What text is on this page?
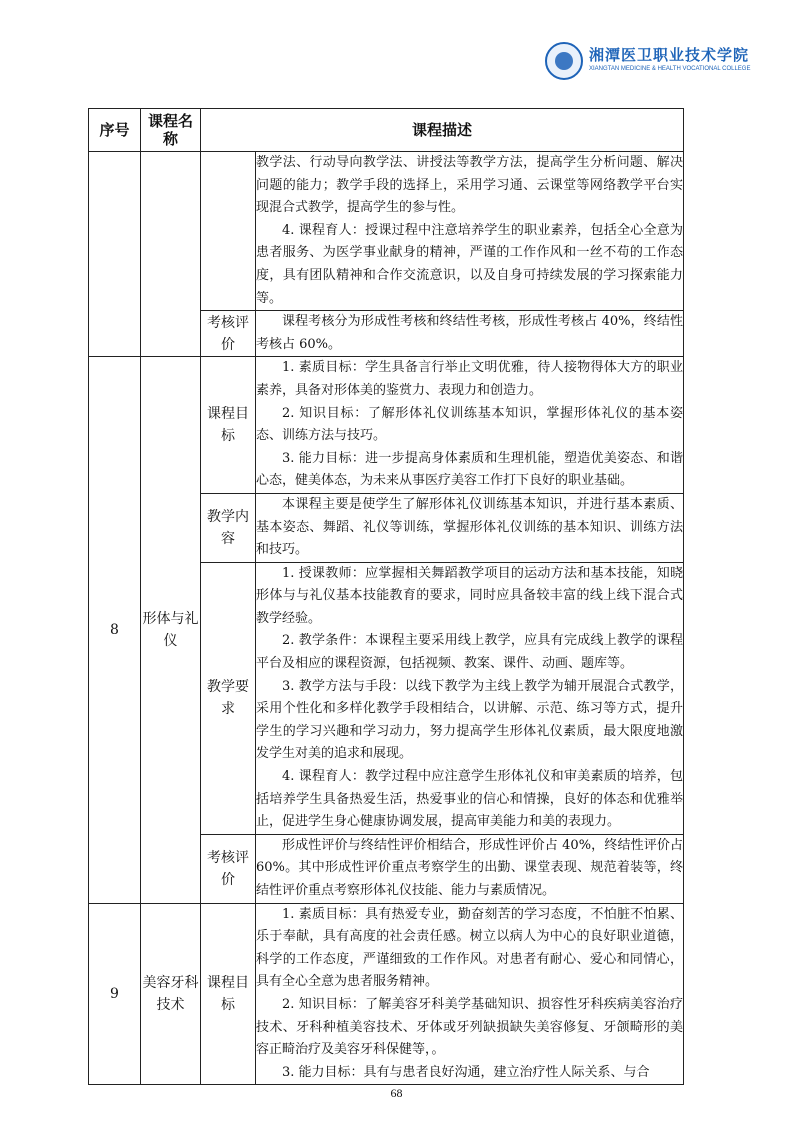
湘潭医卫职业技术学院
XIANGTAN MEDICINE & HEALTH VOCATIONAL COLLEGE
序号	课程名称	课程描述	

			教学法、行动导向教学法、讲授法等教学方法，提高学生分析问题、解决问题的能力；教学手段的选择上，采用学习通、云课堂等网络教学平台实现混合式教学，提高学生的参与性。

4. 课程育人：授课过程中注意培养学生的职业素养，包括全心全意为患者服务、为医学事业献身的精神，严谨的工作作风和一丝不苟的工作态度，具有团队精神和合作交流意识，以及自身可持续发展的学习探索能力等。

		考核评价	课程考核分为形成性考核和终结性考核，形成性考核占 40%，终结性考核占 60%。

8	形体与礼仪	课程目标	1. 素质目标：学生具备言行举止文明优雅，待人接物得体大方的职业素养，具备对形体美的鉴赏力、表现力和创造力。

2. 知识目标：了解形体礼仪训练基本知识，掌握形体礼仪的基本姿态、训练方法与技巧。

3. 能力目标：进一步提高身体素质和生理机能，塑造优美姿态、和谐心态，健美体态，为未来从事医疗美容工作打下良好的职业基础。

		教学内容	本课程主要是使学生了解形体礼仪训练基本知识，并进行基本素质、基本姿态、舞蹈、礼仪等训练，掌握形体礼仪训练的基本知识、训练方法和技巧。

		教学要求	1. 授课教师：应掌握相关舞蹈教学项目的运动方法和基本技能，知晓形体与与礼仪基本技能教育的要求，同时应具备较丰富的线上线下混合式教学经验。

2. 教学条件：本课程主要采用线上教学，应具有完成线上教学的课程平台及相应的课程资源，包括视频、教案、课件、动画、题库等。

3. 教学方法与手段：以线下教学为主线上教学为辅开展混合式教学，采用个性化和多样化教学手段相结合，以讲解、示范、练习等方式，提升学生的学习兴趣和学习动力，努力提高学生形体礼仪素质，最大限度地激发学生对美的追求和展现。

4. 课程育人：教学过程中应注意学生形体礼仪和审美素质的培养，包括培养学生具备热爱生活，热爱事业的信心和情操，良好的体态和优雅举止，促进学生身心健康协调发展，提高审美能力和美的表现力。

		考核评价	形成性评价与终结性评价相结合，形成性评价占 40%，终结性评价占 60%。其中形成性评价重点考察学生的出勤、课堂表现、规范着装等，终结性评价重点考察形体礼仪技能、能力与素质情况。

9	美容牙科技术	课程目标	1. 素质目标：具有热爱专业，勤奋刻苦的学习态度，不怕脏不怕累、乐于奉献，具有高度的社会责任感。树立以病人为中心的良好职业道德，科学的工作态度，严谨细致的工作作风。对患者有耐心、爱心和同情心，具有全心全意为患者服务精神。

2. 知识目标：了解美容牙科美学基础知识、损容性牙科疾病美容治疗技术、牙科种植美容技术、牙体或牙列缺损缺失美容修复、牙颌畸形的美容正畸治疗及美容牙科保健等，。

3. 能力目标：具有与患者良好沟通，建立治疗性人际关系、与合

68
